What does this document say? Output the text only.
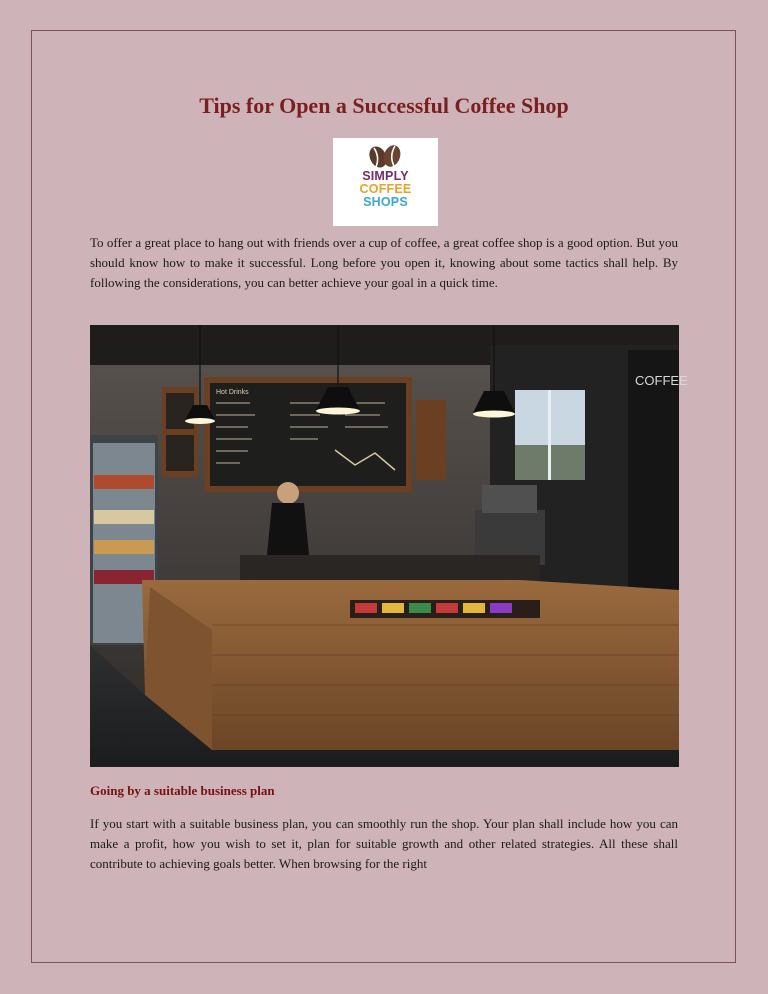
Tips for Open a Successful Coffee Shop
SIMPLY
COFFEE
SHOPS

To offer a great place to hang out with friends over a cup of coffee, a great coffee shop is a good option. But you should know how to make it successful. Long before you open it, knowing about some tactics shall help. By following the considerations, you can better achieve your goal in a quick time.

COFFEE
Hot Drinks
Going by a suitable business plan

If you start with a suitable business plan, you can smoothly run the shop. Your plan shall include how you can make a profit, how you wish to set it, plan for suitable growth and other related strategies. All these shall contribute to achieving goals better. When browsing for the right
